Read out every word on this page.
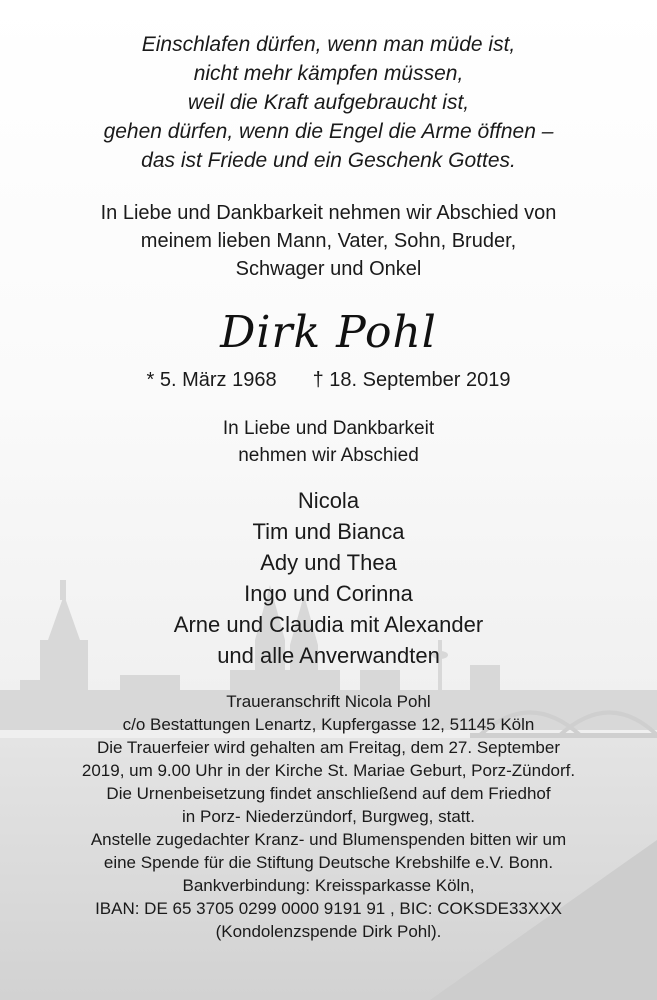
Einschlafen dürfen, wenn man müde ist,
nicht mehr kämpfen müssen,
weil die Kraft aufgebraucht ist,
gehen dürfen, wenn die Engel die Arme öffnen –
das ist Friede und ein Geschenk Gottes.
In Liebe und Dankbarkeit nehmen wir Abschied von
meinem lieben Mann, Vater, Sohn, Bruder,
Schwager und Onkel
Dirk Pohl
* 5. März 1968 † 18. September 2019
In Liebe und Dankbarkeit
nehmen wir Abschied
Nicola
Tim und Bianca
Ady und Thea
Ingo und Corinna
Arne und Claudia mit Alexander
und alle Anverwandten
Traueranschrift Nicola Pohl
c/o Bestattungen Lenartz, Kupfergasse 12, 51145 Köln
Die Trauerfeier wird gehalten am Freitag, dem 27. September
2019, um 9.00 Uhr in der Kirche St. Mariae Geburt, Porz-Zündorf.
Die Urnenbeisetzung findet anschließend auf dem Friedhof
in Porz- Niederzündorf, Burgweg, statt.
Anstelle zugedachter Kranz- und Blumenspenden bitten wir um
eine Spende für die Stiftung Deutsche Krebshilfe e.V. Bonn.
Bankverbindung: Kreissparkasse Köln,
IBAN: DE 65 3705 0299 0000 9191 91 , BIC: COKSDE33XXX
(Kondolenzspende Dirk Pohl).
